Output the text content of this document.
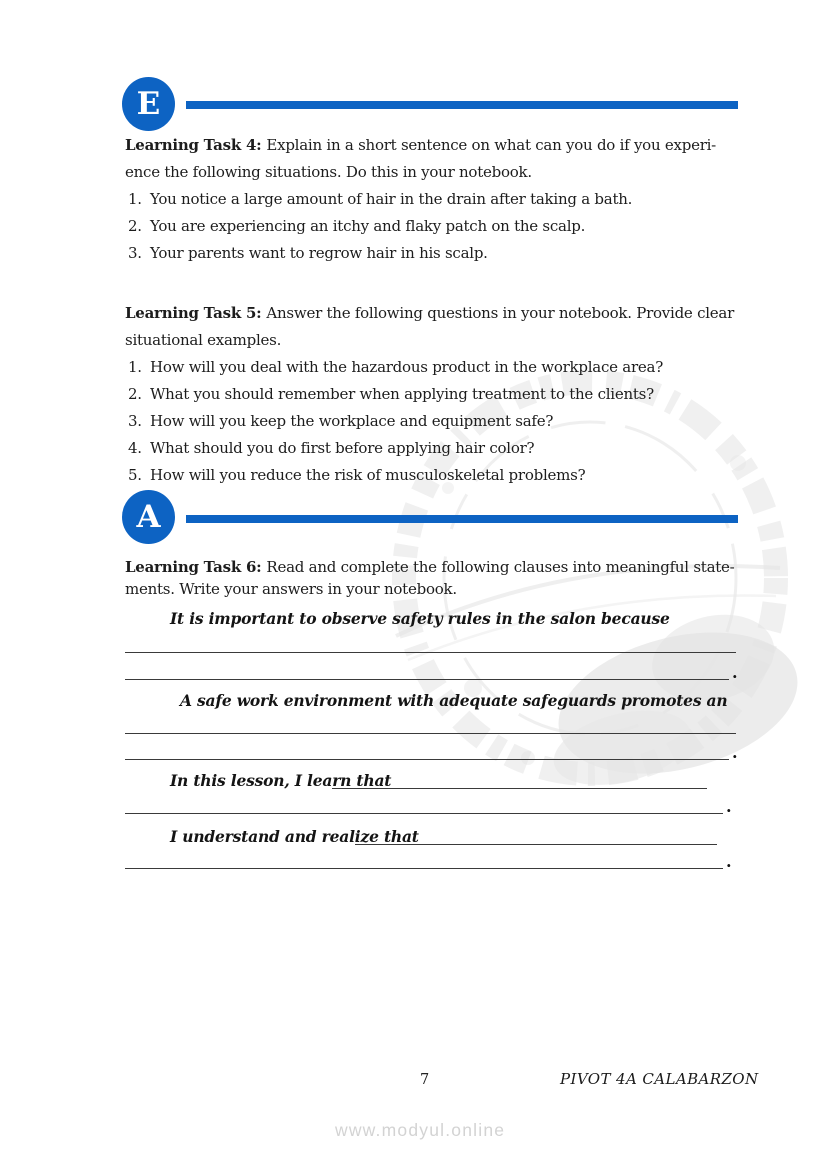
E
Learning Task 4: Explain in a short sentence on what can you do if you experi-
ence the following situations. Do this in your notebook.
1. You notice a large amount of hair in the drain after taking a bath.
2. You are experiencing an itchy and flaky patch on the scalp.
3. Your parents want to regrow hair in his scalp.
Learning Task 5: Answer the following questions in your notebook. Provide clear
situational examples.
1. How will you deal with the hazardous product in the workplace area?
2. What you should remember when applying treatment to the clients?
3. How will you keep the workplace and equipment safe?
4. What should you do first before applying hair color?
5. How will you reduce the risk of musculoskeletal problems?
A
Learning Task 6: Read and complete the following clauses into meaningful state-
ments. Write your answers in your notebook.
It is important to observe safety rules in the salon because
.
A safe work environment with adequate safeguards promotes an
.
In this lesson, I learn that
.
I understand and realize that
.
7	PIVOT 4A CALABARZON
www.modyul.online
